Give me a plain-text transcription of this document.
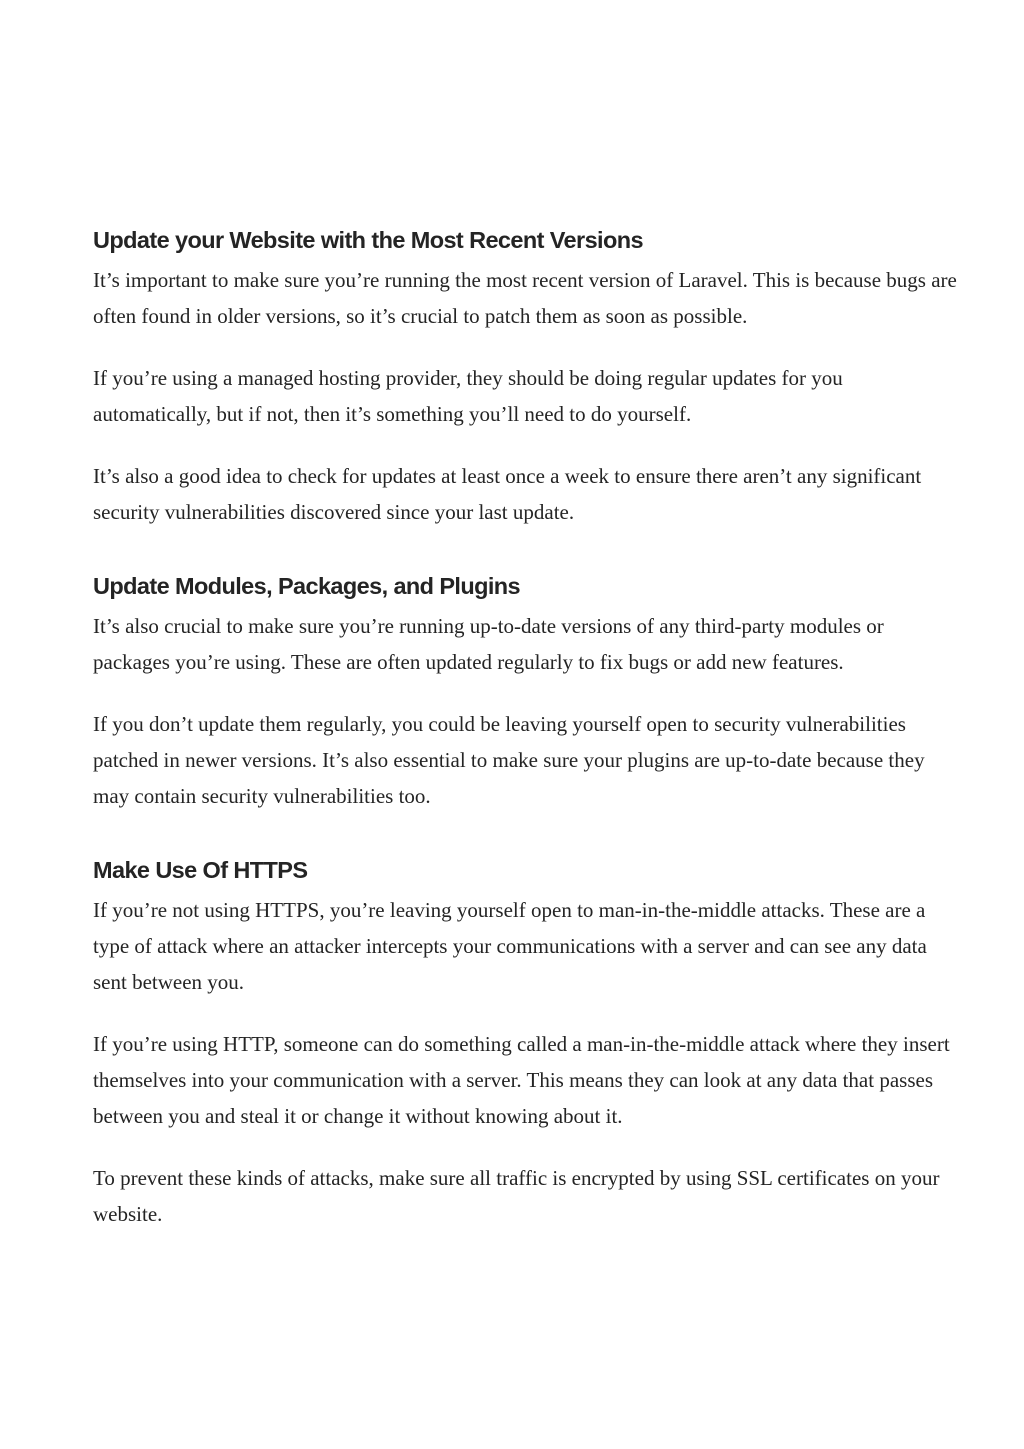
Update your Website with the Most Recent Versions

It’s important to make sure you’re running the most recent version of Laravel. This is because bugs are often found in older versions, so it’s crucial to patch them as soon as possible.

If you’re using a managed hosting provider, they should be doing regular updates for you automatically, but if not, then it’s something you’ll need to do yourself.

It’s also a good idea to check for updates at least once a week to ensure there aren’t any significant security vulnerabilities discovered since your last update.

Update Modules, Packages, and Plugins

It’s also crucial to make sure you’re running up-to-date versions of any third-party modules or packages you’re using. These are often updated regularly to fix bugs or add new features.

If you don’t update them regularly, you could be leaving yourself open to security vulnerabilities patched in newer versions. It’s also essential to make sure your plugins are up-to-date because they may contain security vulnerabilities too.

Make Use Of HTTPS

If you’re not using HTTPS, you’re leaving yourself open to man-in-the-middle attacks. These are a type of attack where an attacker intercepts your communications with a server and can see any data sent between you.

If you’re using HTTP, someone can do something called a man-in-the-middle attack where they insert themselves into your communication with a server. This means they can look at any data that passes between you and steal it or change it without knowing about it.

To prevent these kinds of attacks, make sure all traffic is encrypted by using SSL certificates on your website.
